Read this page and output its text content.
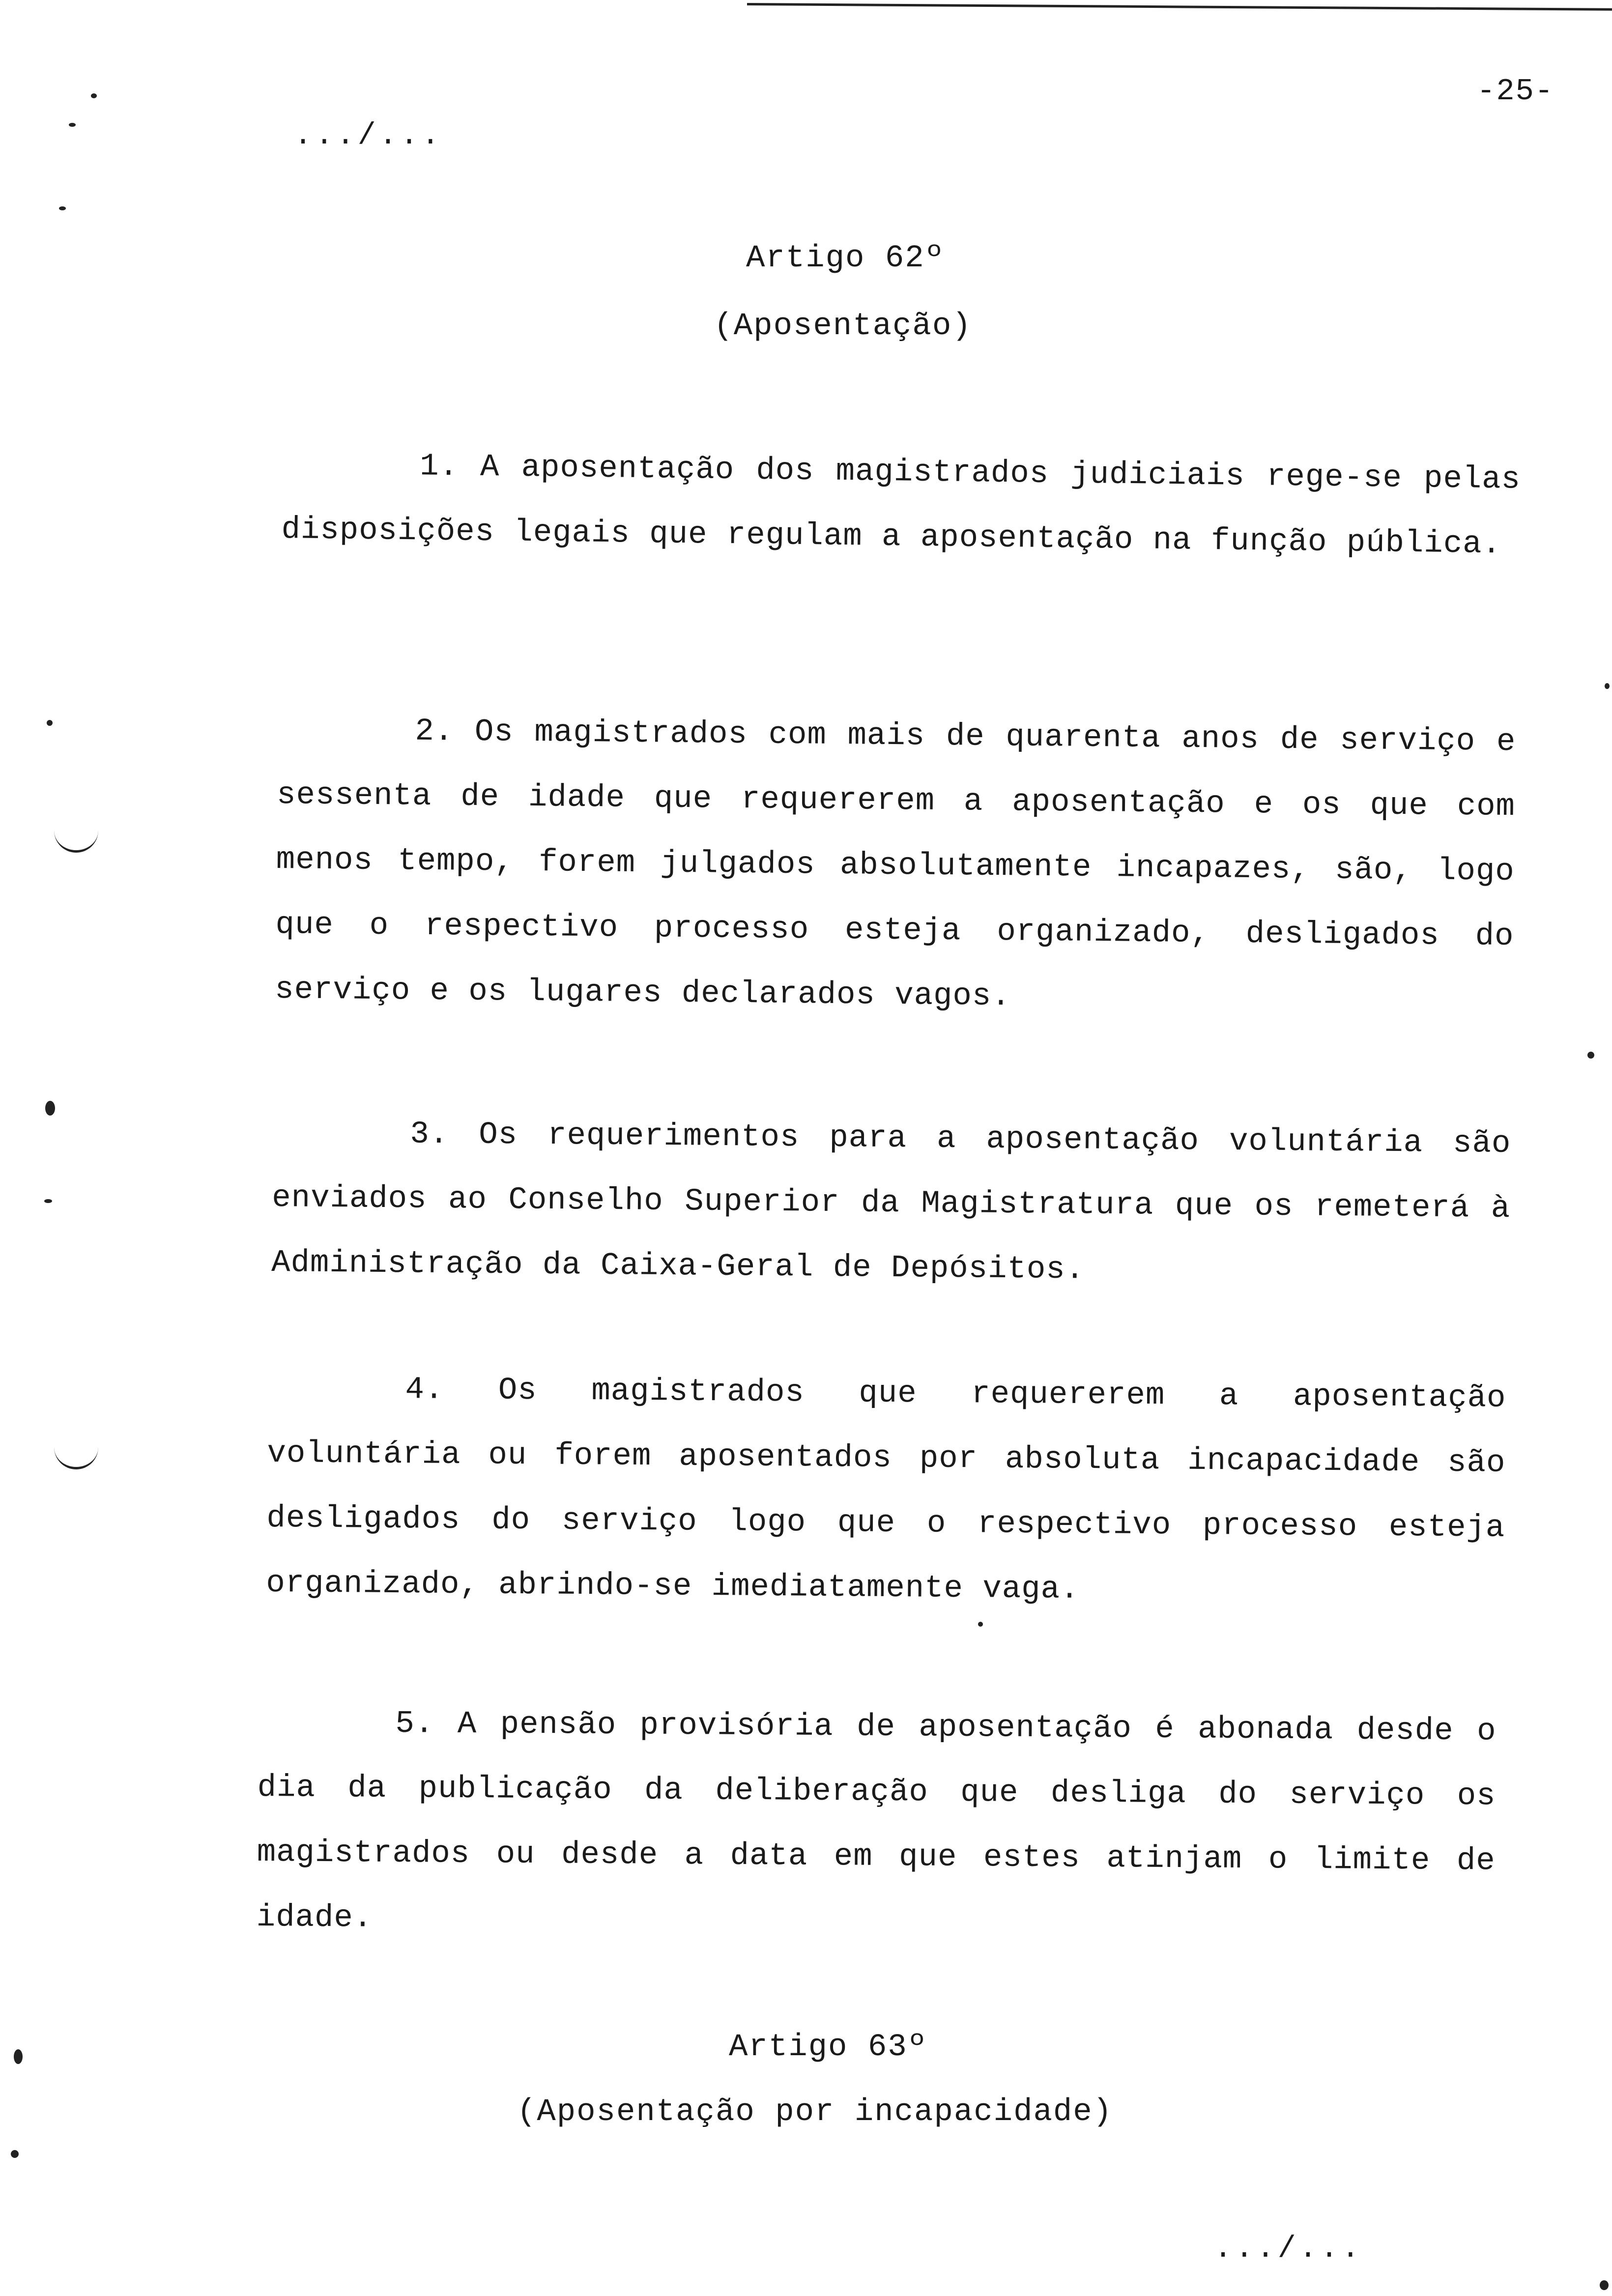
-25-
.../...
Artigo 62º
(Aposentação)
1. A aposentação dos magistrados judiciais rege-se pelas disposições legais que regulam a aposentação na função pública.
2. Os magistrados com mais de quarenta anos de serviço e sessenta de idade que requererem a aposentação e os que com menos tempo, forem julgados absolutamente incapazes, são, logo que o respectivo processo esteja organizado, desligados do serviço e os lugares declarados vagos.
3. Os requerimentos para a aposentação voluntária são enviados ao Conselho Superior da Magistratura que os remeterá à Administração da Caixa-Geral de Depósitos.
4. Os magistrados que requererem a aposentação voluntária ou forem aposentados por absoluta incapacidade são desligados do serviço logo que o respectivo processo esteja organizado, abrindo-se imediatamente vaga.
5. A pensão provisória de aposentação é abonada desde o dia da publicação da deliberação que desliga do serviço os magistrados ou desde a data em que estes atinjam o limite de idade.
Artigo 63º
(Aposentação por incapacidade)
.../...
